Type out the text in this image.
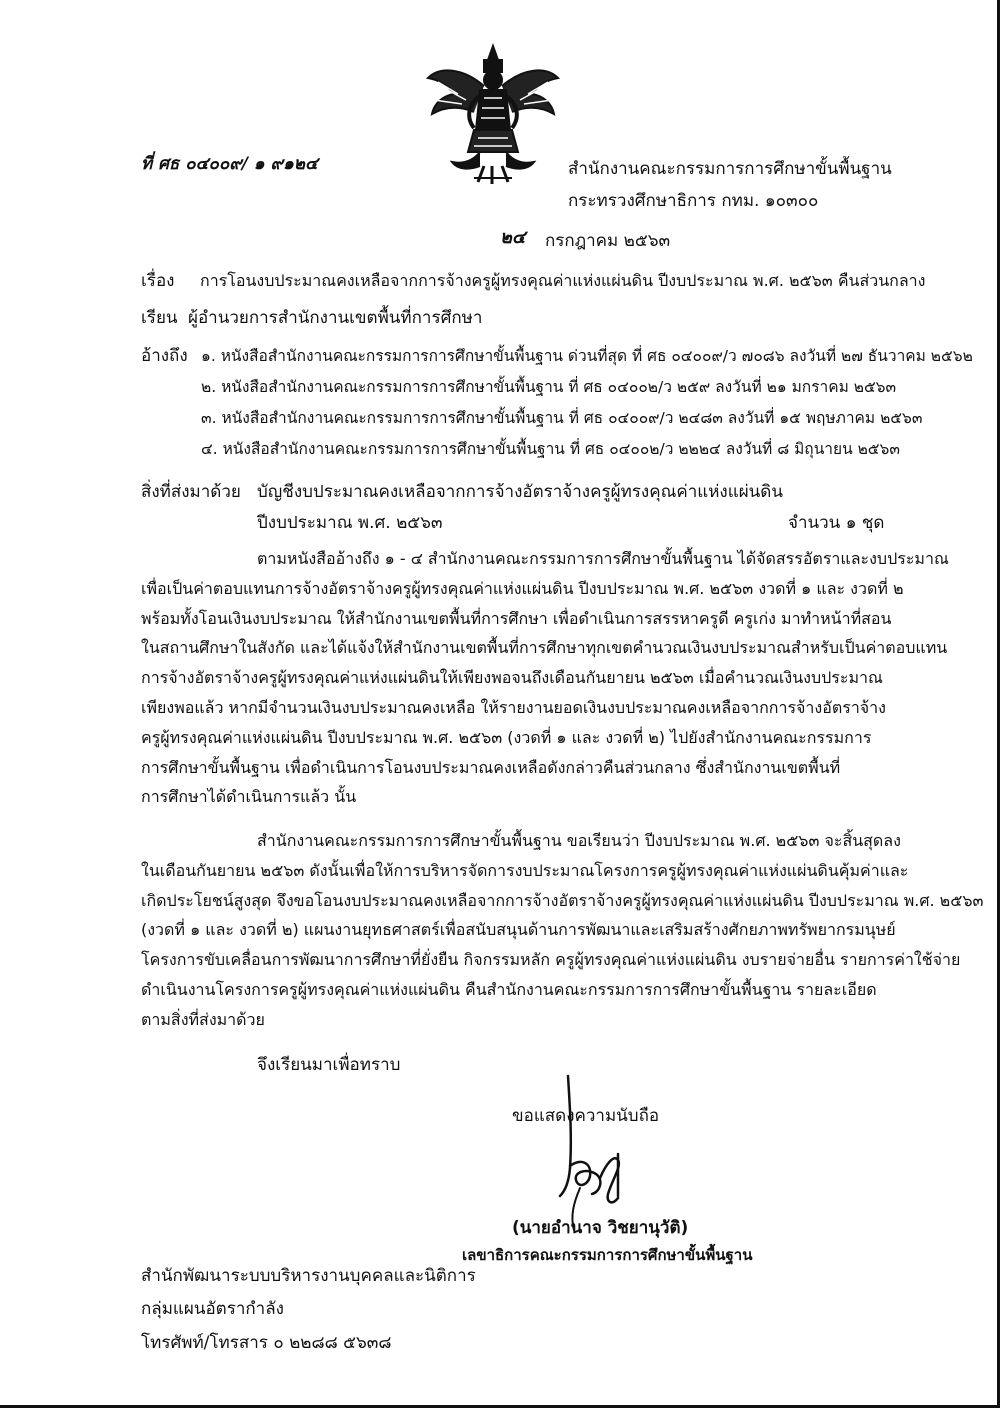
ที่ ศธ ๐๔๐๐๙/ ๑ ๙๑๒๔	สำนักงานคณะกรรมการการศึกษาขั้นพื้นฐาน
กระทรวงศึกษาธิการ กทม. ๑๐๓๐๐
๒๔ กรกฎาคม ๒๕๖๓
เรื่อง การโอนงบประมาณคงเหลือจากการจ้างครูผู้ทรงคุณค่าแห่งแผ่นดิน ปีงบประมาณ พ.ศ. ๒๕๖๓ คืนส่วนกลาง
เรียน ผู้อำนวยการสำนักงานเขตพื้นที่การศึกษา
อ้างถึง ๑. หนังสือสำนักงานคณะกรรมการการศึกษาขั้นพื้นฐาน ด่วนที่สุด ที่ ศธ ๐๔๐๐๙/ว ๗๐๘๖ ลงวันที่ ๒๗ ธันวาคม ๒๕๖๒
๒. หนังสือสำนักงานคณะกรรมการการศึกษาขั้นพื้นฐาน ที่ ศธ ๐๔๐๐๒/ว ๒๕๙ ลงวันที่ ๒๑ มกราคม ๒๕๖๓
๓. หนังสือสำนักงานคณะกรรมการการศึกษาขั้นพื้นฐาน ที่ ศธ ๐๔๐๐๙/ว ๒๔๘๓ ลงวันที่ ๑๕ พฤษภาคม ๒๕๖๓
๔. หนังสือสำนักงานคณะกรรมการการศึกษาขั้นพื้นฐาน ที่ ศธ ๐๔๐๐๒/ว ๒๒๒๔ ลงวันที่ ๘ มิถุนายน ๒๕๖๓
สิ่งที่ส่งมาด้วย บัญชีงบประมาณคงเหลือจากการจ้างอัตราจ้างครูผู้ทรงคุณค่าแห่งแผ่นดิน
ปีงบประมาณ พ.ศ. ๒๕๖๓	จำนวน ๑ ชุด
ตามหนังสืออ้างถึง ๑ - ๔ สำนักงานคณะกรรมการการศึกษาขั้นพื้นฐาน ได้จัดสรรอัตราและงบประมาณ
เพื่อเป็นค่าตอบแทนการจ้างอัตราจ้างครูผู้ทรงคุณค่าแห่งแผ่นดิน ปีงบประมาณ พ.ศ. ๒๕๖๓ งวดที่ ๑ และ งวดที่ ๒
พร้อมทั้งโอนเงินงบประมาณ ให้สำนักงานเขตพื้นที่การศึกษา เพื่อดำเนินการสรรหาครูดี ครูเก่ง มาทำหน้าที่สอน
ในสถานศึกษาในสังกัด และได้แจ้งให้สำนักงานเขตพื้นที่การศึกษาทุกเขตคำนวณเงินงบประมาณสำหรับเป็นค่าตอบแทน
การจ้างอัตราจ้างครูผู้ทรงคุณค่าแห่งแผ่นดินให้เพียงพอจนถึงเดือนกันยายน ๒๕๖๓ เมื่อคำนวณเงินงบประมาณ
เพียงพอแล้ว หากมีจำนวนเงินงบประมาณคงเหลือ ให้รายงานยอดเงินงบประมาณคงเหลือจากการจ้างอัตราจ้าง
ครูผู้ทรงคุณค่าแห่งแผ่นดิน ปีงบประมาณ พ.ศ. ๒๕๖๓ (งวดที่ ๑ และ งวดที่ ๒) ไปยังสำนักงานคณะกรรมการ
การศึกษาขั้นพื้นฐาน เพื่อดำเนินการโอนงบประมาณคงเหลือดังกล่าวคืนส่วนกลาง ซึ่งสำนักงานเขตพื้นที่
การศึกษาได้ดำเนินการแล้ว นั้น
สำนักงานคณะกรรมการการศึกษาขั้นพื้นฐาน ขอเรียนว่า ปีงบประมาณ พ.ศ. ๒๕๖๓ จะสิ้นสุดลง
ในเดือนกันยายน ๒๕๖๓ ดังนั้นเพื่อให้การบริหารจัดการงบประมาณโครงการครูผู้ทรงคุณค่าแห่งแผ่นดินคุ้มค่าและ
เกิดประโยชน์สูงสุด จึงขอโอนงบประมาณคงเหลือจากการจ้างอัตราจ้างครูผู้ทรงคุณค่าแห่งแผ่นดิน ปีงบประมาณ พ.ศ. ๒๕๖๓
(งวดที่ ๑ และ งวดที่ ๒) แผนงานยุทธศาสตร์เพื่อสนับสนุนด้านการพัฒนาและเสริมสร้างศักยภาพทรัพยากรมนุษย์
โครงการขับเคลื่อนการพัฒนาการศึกษาที่ยั่งยืน กิจกรรมหลัก ครูผู้ทรงคุณค่าแห่งแผ่นดิน งบรายจ่ายอื่น รายการค่าใช้จ่าย
ดำเนินงานโครงการครูผู้ทรงคุณค่าแห่งแผ่นดิน คืนสำนักงานคณะกรรมการการศึกษาขั้นพื้นฐาน รายละเอียด
ตามสิ่งที่ส่งมาด้วย
จึงเรียนมาเพื่อทราบ
ขอแสดงความนับถือ
(นายอำนาจ วิชยานุวัติ)
เลขาธิการคณะกรรมการการศึกษาขั้นพื้นฐาน
สำนักพัฒนาระบบบริหารงานบุคคลและนิติการ
กลุ่มแผนอัตรากำลัง
โทรศัพท์/โทรสาร ๐ ๒๒๘๘ ๕๖๓๘
